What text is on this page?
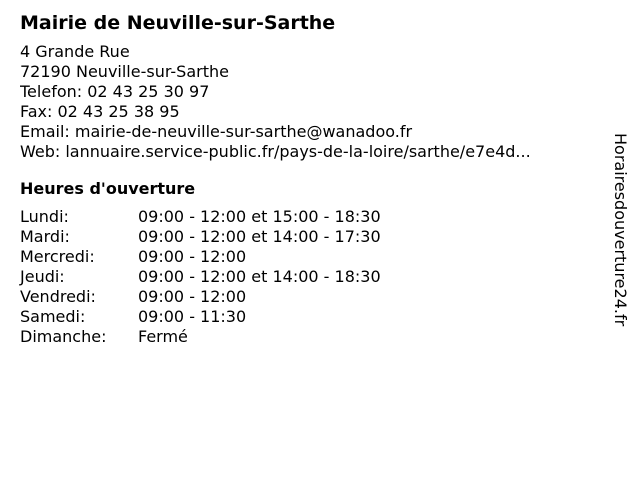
Mairie de Neuville-sur-Sarthe
4 Grande Rue
72190 Neuville-sur-Sarthe
Telefon: 02 43 25 30 97
Fax: 02 43 25 38 95
Email: mairie-de-neuville-sur-sarthe@wanadoo.fr
Web: lannuaire.service-public.fr/pays-de-la-loire/sarthe/e7e4d...
Heures d'ouverture
Lundi:	09:00 - 12:00 et 15:00 - 18:30
Mardi:	09:00 - 12:00 et 14:00 - 17:30
Mercredi:	09:00 - 12:00
Jeudi:	09:00 - 12:00 et 14:00 - 18:30
Vendredi:	09:00 - 12:00
Samedi:	09:00 - 11:30
Dimanche:	Fermé
Horairesdouverture24.fr
